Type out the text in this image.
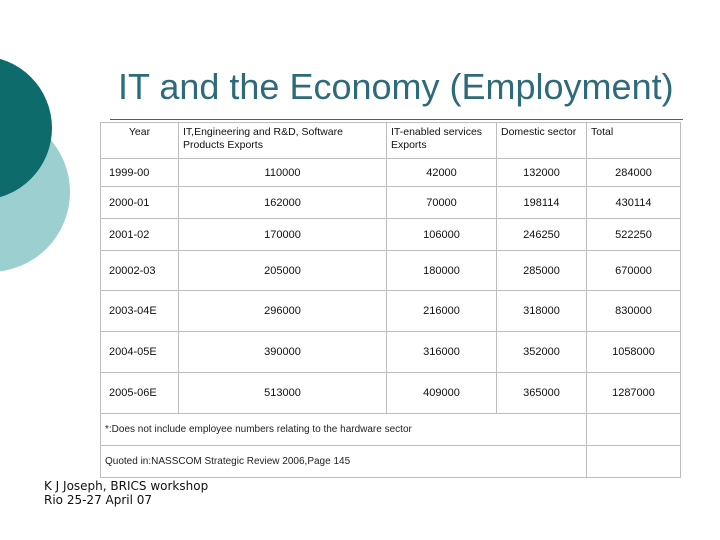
IT and the Economy (Employment)
Year	IT,Engineering and R&D, Software Products Exports	IT-enabled services Exports	Domestic sector	Total
1999-00	110000	42000	132000	284000
2000-01	162000	70000	198114	430114
2001-02	170000	106000	246250	522250
20002-03	205000	180000	285000	670000
2003-04E	296000	216000	318000	830000
2004-05E	390000	316000	352000	1058000
2005-06E	513000	409000	365000	1287000
*:Does not include employee numbers relating to the hardware sector				
Quoted in:NASSCOM Strategic Review 2006,Page 145				
K J Joseph, BRICS workshop Rio 25-27 April 07
